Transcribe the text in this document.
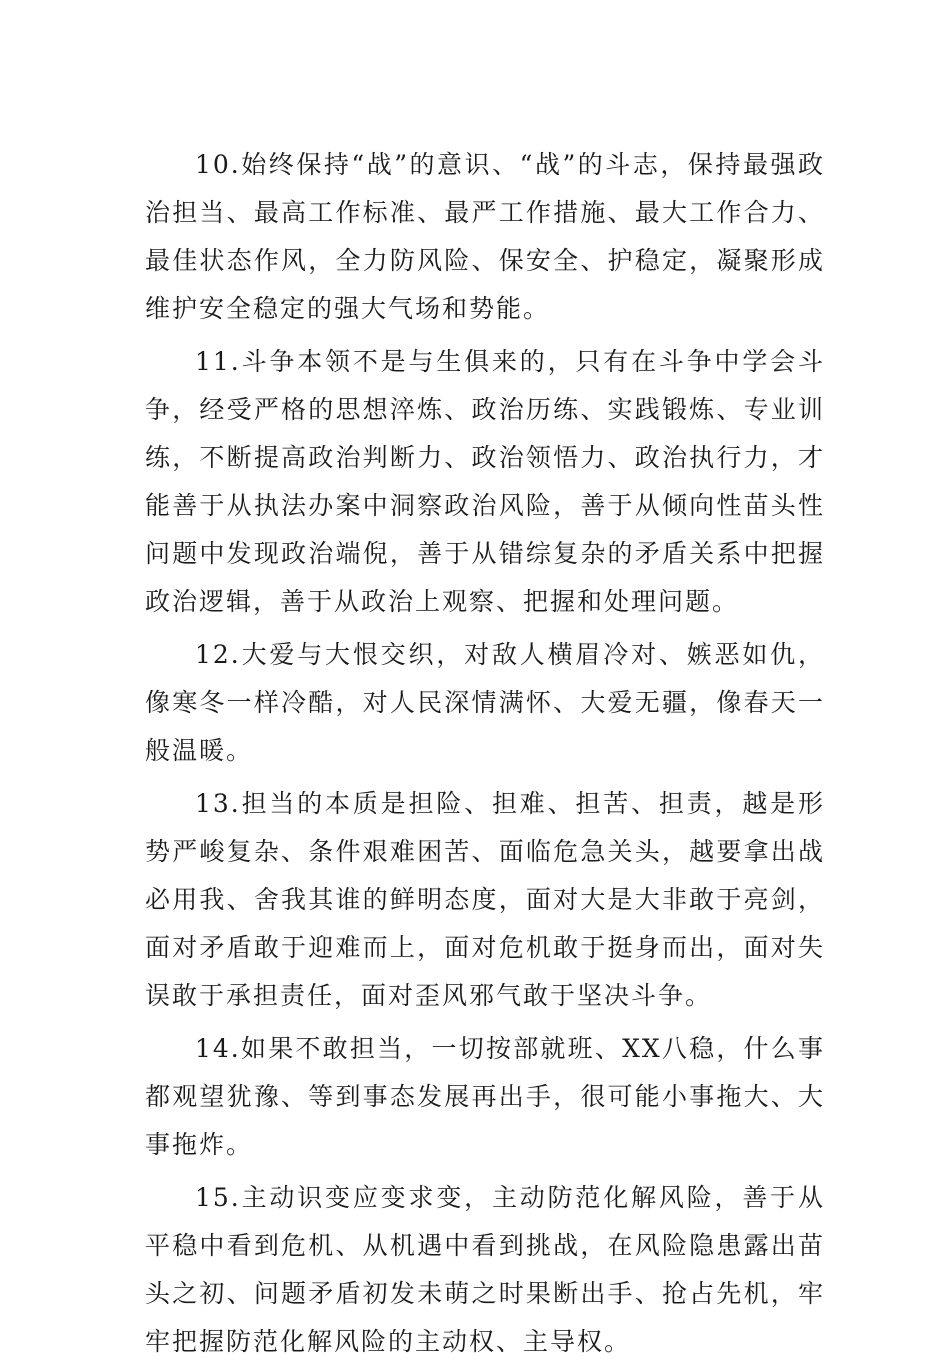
10.始终保持“战”的意识、“战”的斗志，保持最强政治担当、最高工作标准、最严工作措施、最大工作合力、最佳状态作风，全力防风险、保安全、护稳定，凝聚形成维护安全稳定的强大气场和势能。

11.斗争本领不是与生俱来的，只有在斗争中学会斗争，经受严格的思想淬炼、政治历练、实践锻炼、专业训练，不断提高政治判断力、政治领悟力、政治执行力，才能善于从执法办案中洞察政治风险，善于从倾向性苗头性问题中发现政治端倪，善于从错综复杂的矛盾关系中把握政治逻辑，善于从政治上观察、把握和处理问题。

12.大爱与大恨交织，对敌人横眉冷对、嫉恶如仇，像寒冬一样冷酷，对人民深情满怀、大爱无疆，像春天一般温暖。

13.担当的本质是担险、担难、担苦、担责，越是形势严峻复杂、条件艰难困苦、面临危急关头，越要拿出战必用我、舍我其谁的鲜明态度，面对大是大非敢于亮剑，面对矛盾敢于迎难而上，面对危机敢于挺身而出，面对失误敢于承担责任，面对歪风邪气敢于坚决斗争。

14.如果不敢担当，一切按部就班、XX八稳，什么事都观望犹豫、等到事态发展再出手，很可能小事拖大、大事拖炸。

15.主动识变应变求变，主动防范化解风险，善于从平稳中看到危机、从机遇中看到挑战，在风险隐患露出苗头之初、问题矛盾初发未萌之时果断出手、抢占先机，牢牢把握防范化解风险的主动权、主导权。
